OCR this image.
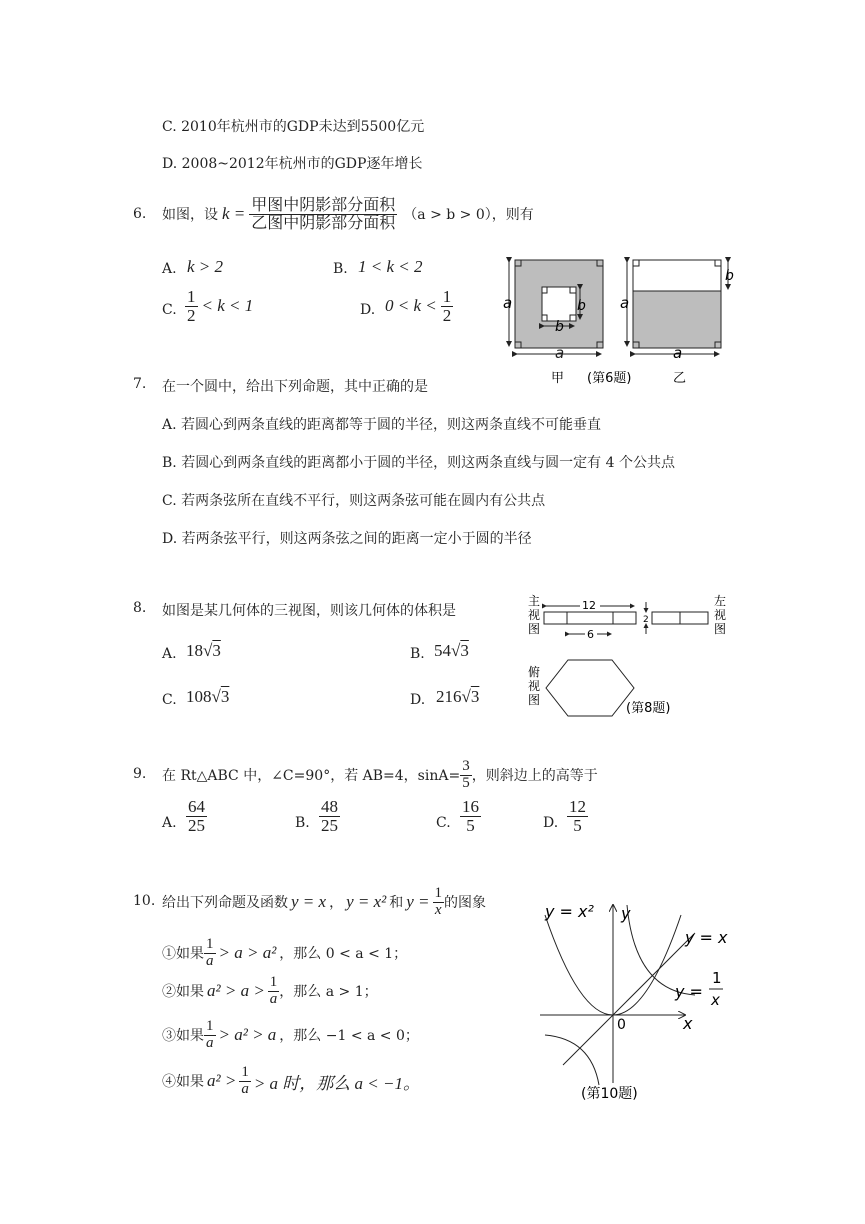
C. 2010年杭州市的GDP未达到5500亿元
D. 2008~2012年杭州市的GDP逐年增长
6. 如图，设 $k = \frac{\text{甲图中阴影部分面积}}{\text{乙图中阴影部分面积}} (a > b > 0)$，则有
A. k > 2	B. 1 < k < 2
C. $\frac{1}{2} < k < 1$	D. $0 < k < \frac{1}{2}$	a
a
b
b
a
a
b
甲 (第6题)	乙
7. 在一个圆中，给出下列命题，其中正确的是
A. 若圆心到两条直线的距离都等于圆的半径，则这两条直线不可能垂直
B. 若圆心到两条直线的距离都小于圆的半径，则这两条直线与圆一定有 4 个公共点
C. 若两条弦所在直线不平行，则这两条弦可能在圆内有公共点
D. 若两条弦平行，则这两条弦之间的距离一定小于圆的半径
8. 如图是某几何体的三视图，则该几何体的体积是
A. 18√3	B. 54√3
C. 108√3	D. 216√3
主
视
图
12
6
2
左
视
图
俯
视
图
(第8题)
9. 在 Rt△ABC 中，∠C=90°，若 AB=4，$\sin A= \frac{3}{5}$ ，则斜边上的高等于
A. $\frac{64}{25}$	B. $\frac{48}{25}$	C. $\frac{16}{5}$	D. $\frac{12}{5}$
10. 给出下列命题及函数 y = x ， y = x² 和 $y = \frac{1}{x}$ 的图象
①如果 $\frac{1}{a} > a > a^2$ ，那么 0 < a < 1；
②如果 $a^2 > a > \frac{1}{a}$ ，那么 a > 1；
③如果 $\frac{1}{a} > a^2 > a$ ，那么 −1 < a < 0；
④如果 $a^2 > \frac{1}{a} > a$ 时，那么 a < −1。
y = x² y
y = x
y =
1
x
0	x
(第10题)
